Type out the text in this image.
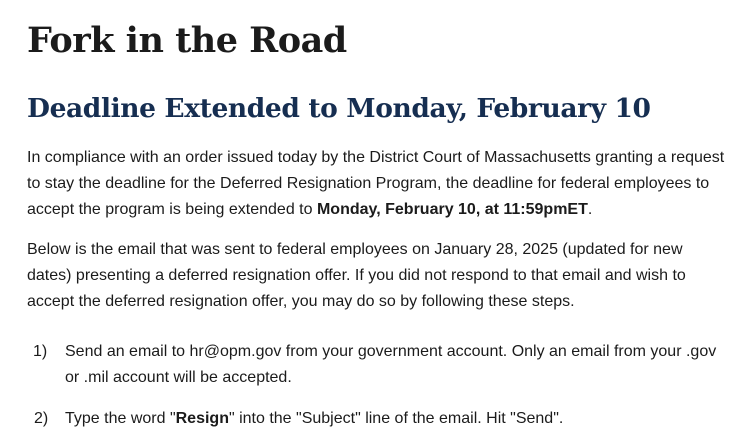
Fork in the Road
Deadline Extended to Monday, February 10

In compliance with an order issued today by the District Court of Massachusetts granting a request to stay the deadline for the Deferred Resignation Program, the deadline for federal employees to accept the program is being extended to Monday, February 10, at 11:59pmET.

Below is the email that was sent to federal employees on January 28, 2025 (updated for new dates) presenting a deferred resignation offer. If you did not respond to that email and wish to accept the deferred resignation offer, you may do so by following these steps.

1) Send an email to hr@opm.gov from your government account. Only an email from your .gov or .mil account will be accepted.
2) Type the word "Resign" into the "Subject" line of the email. Hit "Send".
